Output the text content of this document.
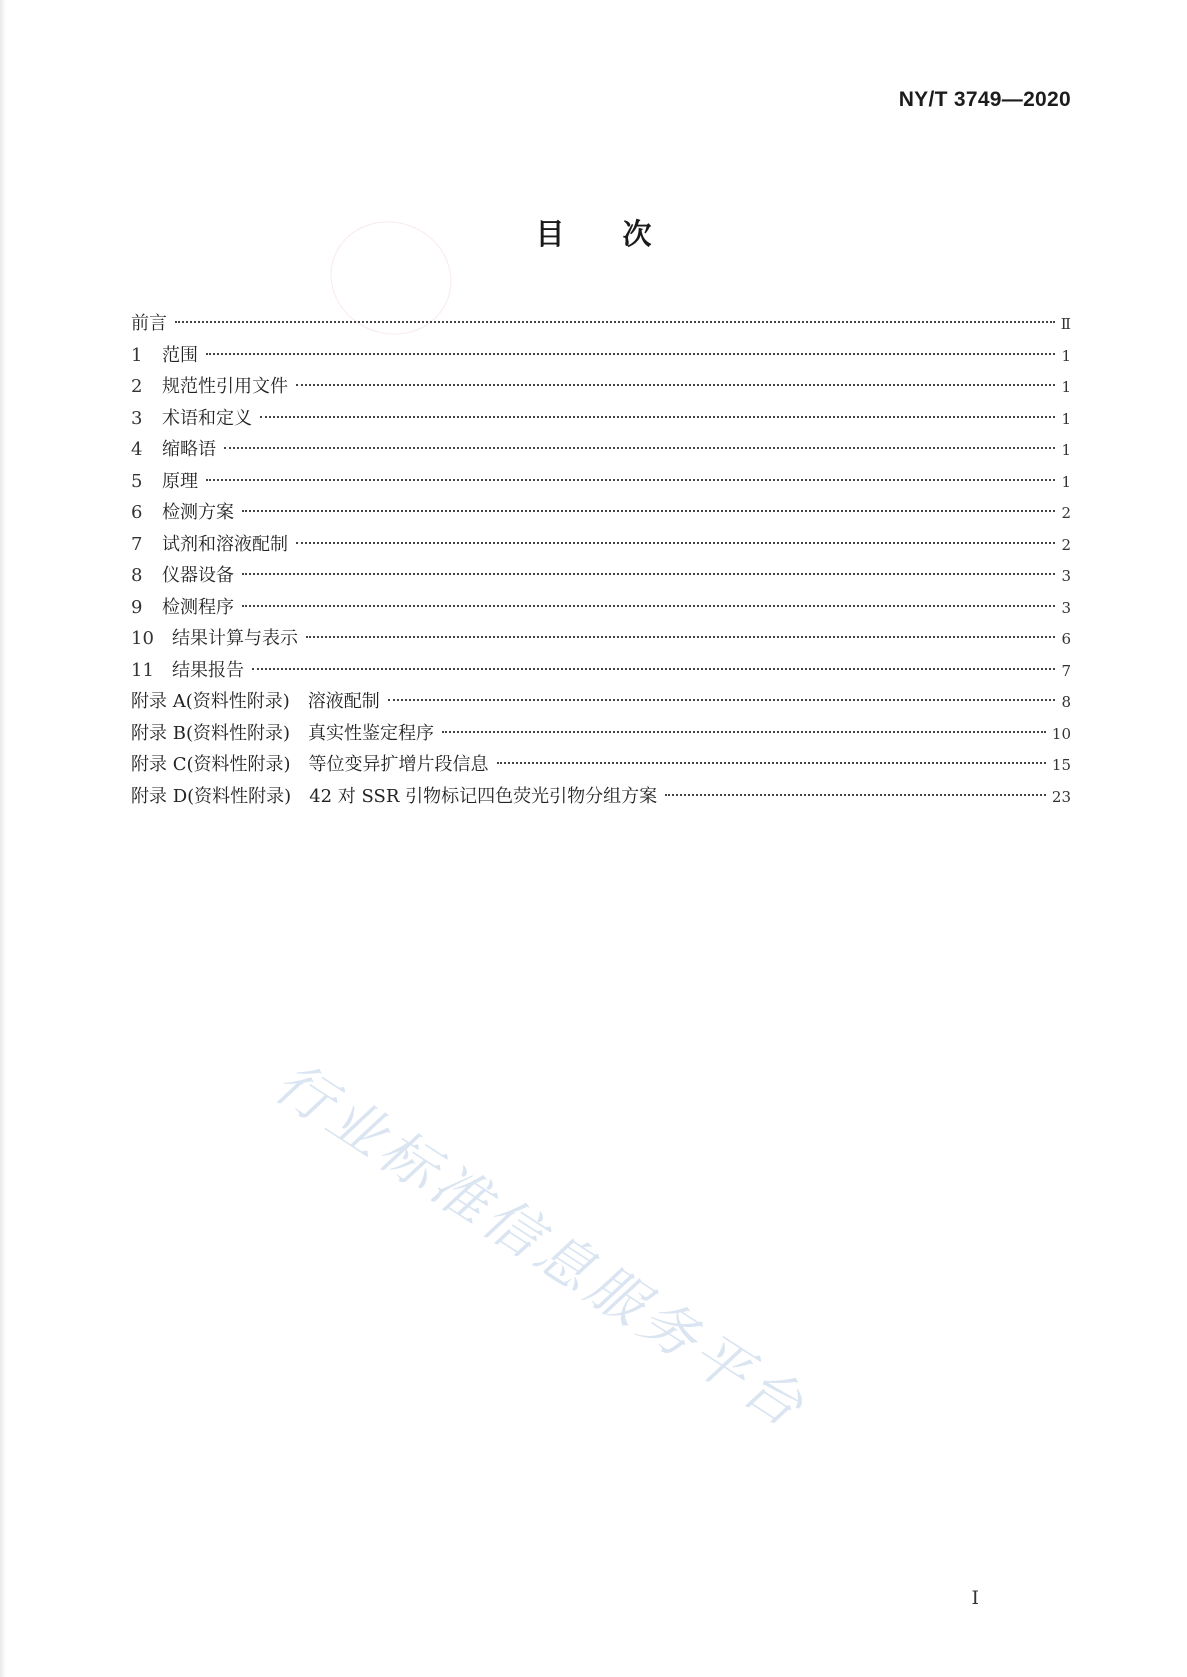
NY/T 3749—2020
目次
前言	Ⅱ
1	范围	1
2	规范性引用文件	1
3	术语和定义	1
4	缩略语	1
5	原理	1
6	检测方案	2
7	试剂和溶液配制	2
8	仪器设备	3
9	检测程序	3
10	结果计算与表示	6
11	结果报告	7
附录 A(资料性附录)　溶液配制	8
附录 B(资料性附录)　真实性鉴定程序	10
附录 C(资料性附录)　等位变异扩增片段信息	15
附录 D(资料性附录)　42 对 SSR 引物标记四色荧光引物分组方案	23
行业标准信息服务平台
Ⅰ
